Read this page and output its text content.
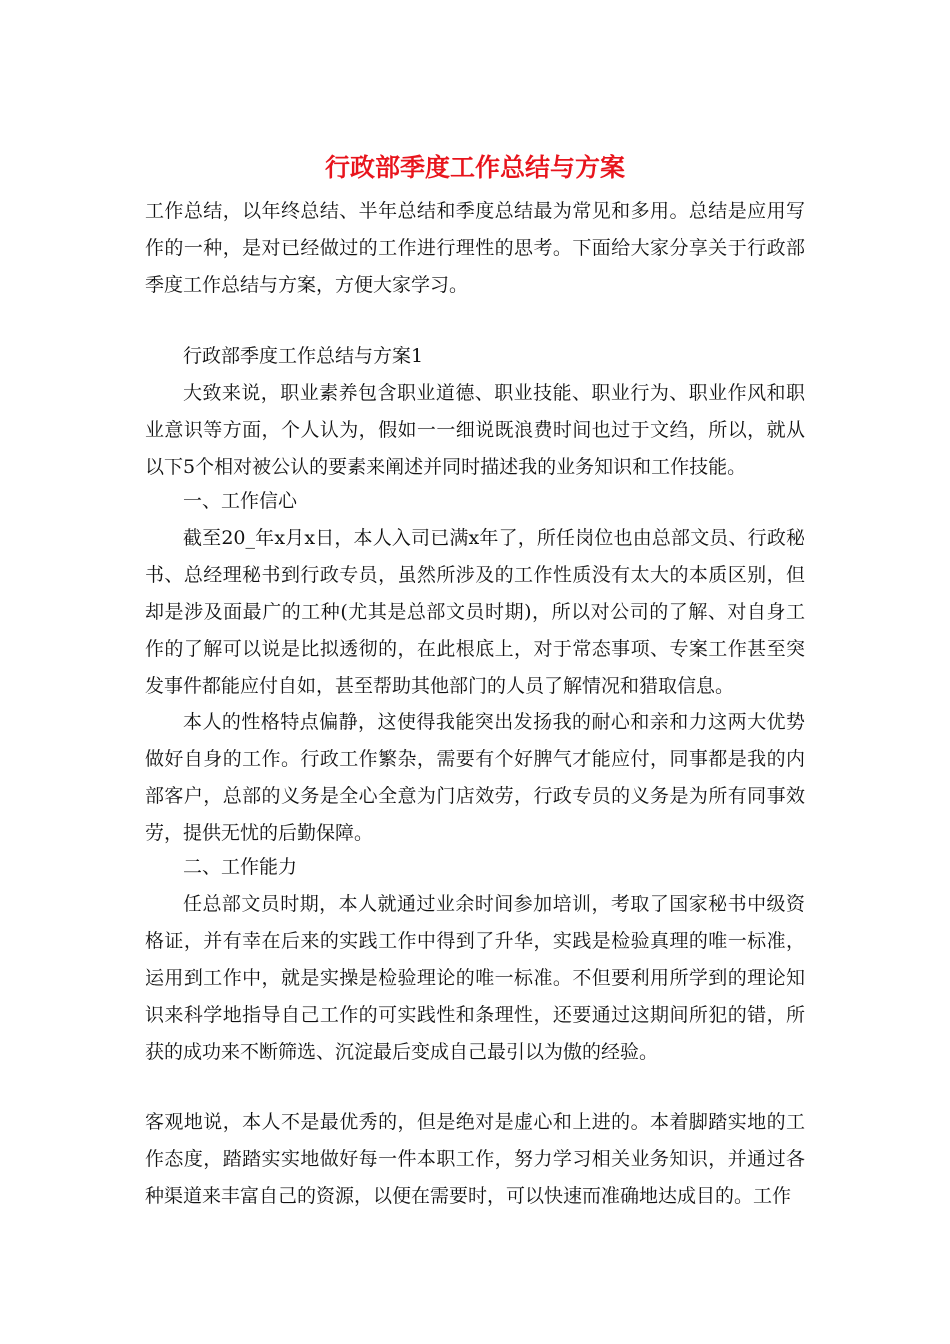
行政部季度工作总结与方案

工作总结，以年终总结、半年总结和季度总结最为常见和多用。总结是应用写作的一种，是对已经做过的工作进行理性的思考。下面给大家分享关于行政部季度工作总结与方案，方便大家学习。

行政部季度工作总结与方案1

大致来说，职业素养包含职业道德、职业技能、职业行为、职业作风和职业意识等方面，个人认为，假如一一细说既浪费时间也过于文绉，所以，就从以下5个相对被公认的要素来阐述并同时描述我的业务知识和工作技能。

一、工作信心

截至20_年x月x日，本人入司已满x年了，所任岗位也由总部文员、行政秘书、总经理秘书到行政专员，虽然所涉及的工作性质没有太大的本质区别，但却是涉及面最广的工种(尤其是总部文员时期)，所以对公司的了解、对自身工作的了解可以说是比拟透彻的，在此根底上，对于常态事项、专案工作甚至突发事件都能应付自如，甚至帮助其他部门的人员了解情况和猎取信息。

本人的性格特点偏静，这使得我能突出发扬我的耐心和亲和力这两大优势做好自身的工作。行政工作繁杂，需要有个好脾气才能应付，同事都是我的内部客户，总部的义务是全心全意为门店效劳，行政专员的义务是为所有同事效劳，提供无忧的后勤保障。

二、工作能力

任总部文员时期，本人就通过业余时间参加培训，考取了国家秘书中级资格证，并有幸在后来的实践工作中得到了升华，实践是检验真理的唯一标准，运用到工作中，就是实操是检验理论的唯一标准。不但要利用所学到的理论知识来科学地指导自己工作的可实践性和条理性，还要通过这期间所犯的错，所获的成功来不断筛选、沉淀最后变成自己最引以为傲的经验。

客观地说，本人不是最优秀的，但是绝对是虚心和上进的。本着脚踏实地的工作态度，踏踏实实地做好每一件本职工作，努力学习相关业务知识，并通过各种渠道来丰富自己的资源，以便在需要时，可以快速而准确地达成目的。工作
